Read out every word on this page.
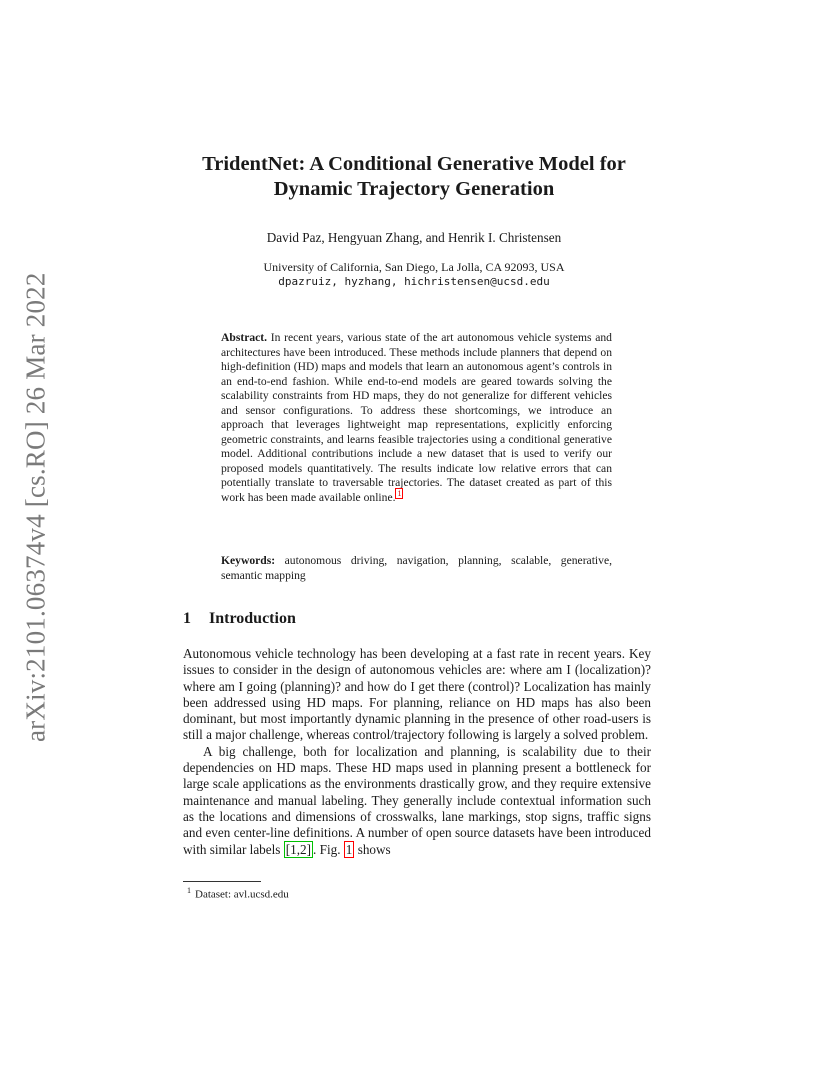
arXiv:2101.06374v4 [cs.RO] 26 Mar 2022
TridentNet: A Conditional Generative Model for
Dynamic Trajectory Generation
David Paz, Hengyuan Zhang, and Henrik I. Christensen
University of California, San Diego, La Jolla, CA 92093, USA
dpazruiz, hyzhang, hichristensen@ucsd.edu

Abstract. In recent years, various state of the art autonomous vehicle systems and architectures have been introduced. These methods include planners that depend on high-definition (HD) maps and models that learn an autonomous agent’s controls in an end-to-end fashion. While end-to-end models are geared towards solving the scalability constraints from HD maps, they do not generalize for different vehicles and sensor configurations. To address these shortcomings, we introduce an approach that leverages lightweight map representations, explicitly enforcing geometric constraints, and learns feasible trajectories using a conditional generative model. Additional contributions include a new dataset that is used to verify our proposed models quantitatively. The results indicate low relative errors that can potentially translate to traversable trajectories. The dataset created as part of this work has been made available online. $^1$

Keywords: autonomous driving, navigation, planning, scalable, generative, semantic mapping

1 Introduction

Autonomous vehicle technology has been developing at a fast rate in recent years. Key issues to consider in the design of autonomous vehicles are: where am I (localization)? where am I going (planning)? and how do I get there (control)? Localization has mainly been addressed using HD maps. For planning, reliance on HD maps has also been dominant, but most importantly dynamic planning in the presence of other road-users is still a major challenge, whereas control/trajectory following is largely a solved problem.

A big challenge, both for localization and planning, is scalability due to their dependencies on HD maps. These HD maps used in planning present a bottleneck for large scale applications as the environments drastically grow, and they require extensive maintenance and manual labeling. They generally include contextual information such as the locations and dimensions of crosswalks, lane markings, stop signs, traffic signs and even center-line definitions. A number of open source datasets have been introduced with similar labels [1,2] . Fig. 1 shows

$^1$ Dataset: avl.ucsd.edu
